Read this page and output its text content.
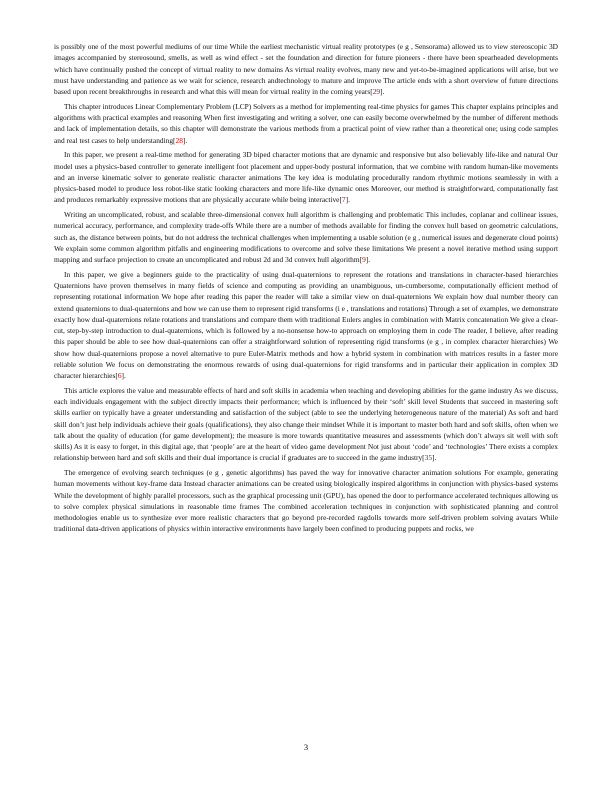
is possibly one of the most powerful mediums of our time While the earliest mechanistic virtual reality prototypes (e g , Sensorama) allowed us to view stereoscopic 3D images accompanied by stereosound, smells, as well as wind effect - set the foundation and direction for future pioneers - there have been spearheaded developments which have continually pushed the concept of virtual reality to new domains As virtual reality evolves, many new and yet-to-be-imagined applications will arise, but we must have understanding and patience as we wait for science, research andtechnology to mature and improve The article ends with a short overview of future directions based upon recent breakthroughs in research and what this will mean for virtual reality in the coming years[29].

This chapter introduces Linear Complementary Problem (LCP) Solvers as a method for implementing real-time physics for games This chapter explains principles and algorithms with practical examples and reasoning When first investigating and writing a solver, one can easily become overwhelmed by the number of different methods and lack of implementation details, so this chapter will demonstrate the various methods from a practical point of view rather than a theoretical one; using code samples and real test cases to help understanding[28].

In this paper, we present a real-time method for generating 3D biped character motions that are dynamic and responsive but also believably life-like and natural Our model uses a physics-based controller to generate intelligent foot placement and upper-body postural information, that we combine with random human-like movements and an inverse kinematic solver to generate realistic character animations The key idea is modulating procedurally random rhythmic motions seamlessly in with a physics-based model to produce less robot-like static looking characters and more life-like dynamic ones Moreover, our method is straightforward, computationally fast and produces remarkably expressive motions that are physically accurate while being interactive[7].

Writing an uncomplicated, robust, and scalable three-dimensional convex hull algorithm is challenging and problematic This includes, coplanar and collinear issues, numerical accuracy, performance, and complexity trade-offs While there are a number of methods available for finding the convex hull based on geometric calculations, such as, the distance between points, but do not address the technical challenges when implementing a usable solution (e g , numerical issues and degenerate cloud points) We explain some common algorithm pitfalls and engineering modifications to overcome and solve these limitations We present a novel iterative method using support mapping and surface projection to create an uncomplicated and robust 2d and 3d convex hull algorithm[9].

In this paper, we give a beginners guide to the practicality of using dual-quaternions to represent the rotations and translations in character-based hierarchies Quaternions have proven themselves in many fields of science and computing as providing an unambiguous, un-cumbersome, computationally efficient method of representing rotational information We hope after reading this paper the reader will take a similar view on dual-quaternions We explain how dual number theory can extend quaternions to dual-quaternions and how we can use them to represent rigid transforms (i e , translations and rotations) Through a set of examples, we demonstrate exactly how dual-quaternions relate rotations and translations and compare them with traditional Eulers angles in combination with Matrix concatenation We give a clear-cut, step-by-step introduction to dual-quaternions, which is followed by a no-nonsense how-to approach on employing them in code The reader, I believe, after reading this paper should be able to see how dual-quaternions can offer a straightforward solution of representing rigid transforms (e g , in complex character hierarchies) We show how dual-quaternions propose a novel alternative to pure Euler-Matrix methods and how a hybrid system in combination with matrices results in a faster more reliable solution We focus on demonstrating the enormous rewards of using dual-quaternions for rigid transforms and in particular their application in complex 3D character hierarchies[6].

This article explores the value and measurable effects of hard and soft skills in academia when teaching and developing abilities for the game industry As we discuss, each individuals engagement with the subject directly impacts their performance; which is influenced by their ‘soft’ skill level Students that succeed in mastering soft skills earlier on typically have a greater understanding and satisfaction of the subject (able to see the underlying heterogeneous nature of the material) As soft and hard skill don’t just help individuals achieve their goals (qualifications), they also change their mindset While it is important to master both hard and soft skills, often when we talk about the quality of education (for game development); the measure is more towards quantitative measures and assessments (which don’t always sit well with soft skills) As it is easy to forget, in this digital age, that ‘people’ are at the heart of video game development Not just about ‘code’ and ‘technologies’ There exists a complex relationship between hard and soft skills and their dual importance is crucial if graduates are to succeed in the game industry[35].

The emergence of evolving search techniques (e g , genetic algorithms) has paved the way for innovative character animation solutions For example, generating human movements without key-frame data Instead character animations can be created using biologically inspired algorithms in conjunction with physics-based systems While the development of highly parallel processors, such as the graphical processing unit (GPU), has opened the door to performance accelerated techniques allowing us to solve complex physical simulations in reasonable time frames The combined acceleration techniques in conjunction with sophisticated planning and control methodologies enable us to synthesize ever more realistic characters that go beyond pre-recorded ragdolls towards more self-driven problem solving avatars While traditional data-driven applications of physics within interactive environments have largely been confined to producing puppets and rocks, we

3
